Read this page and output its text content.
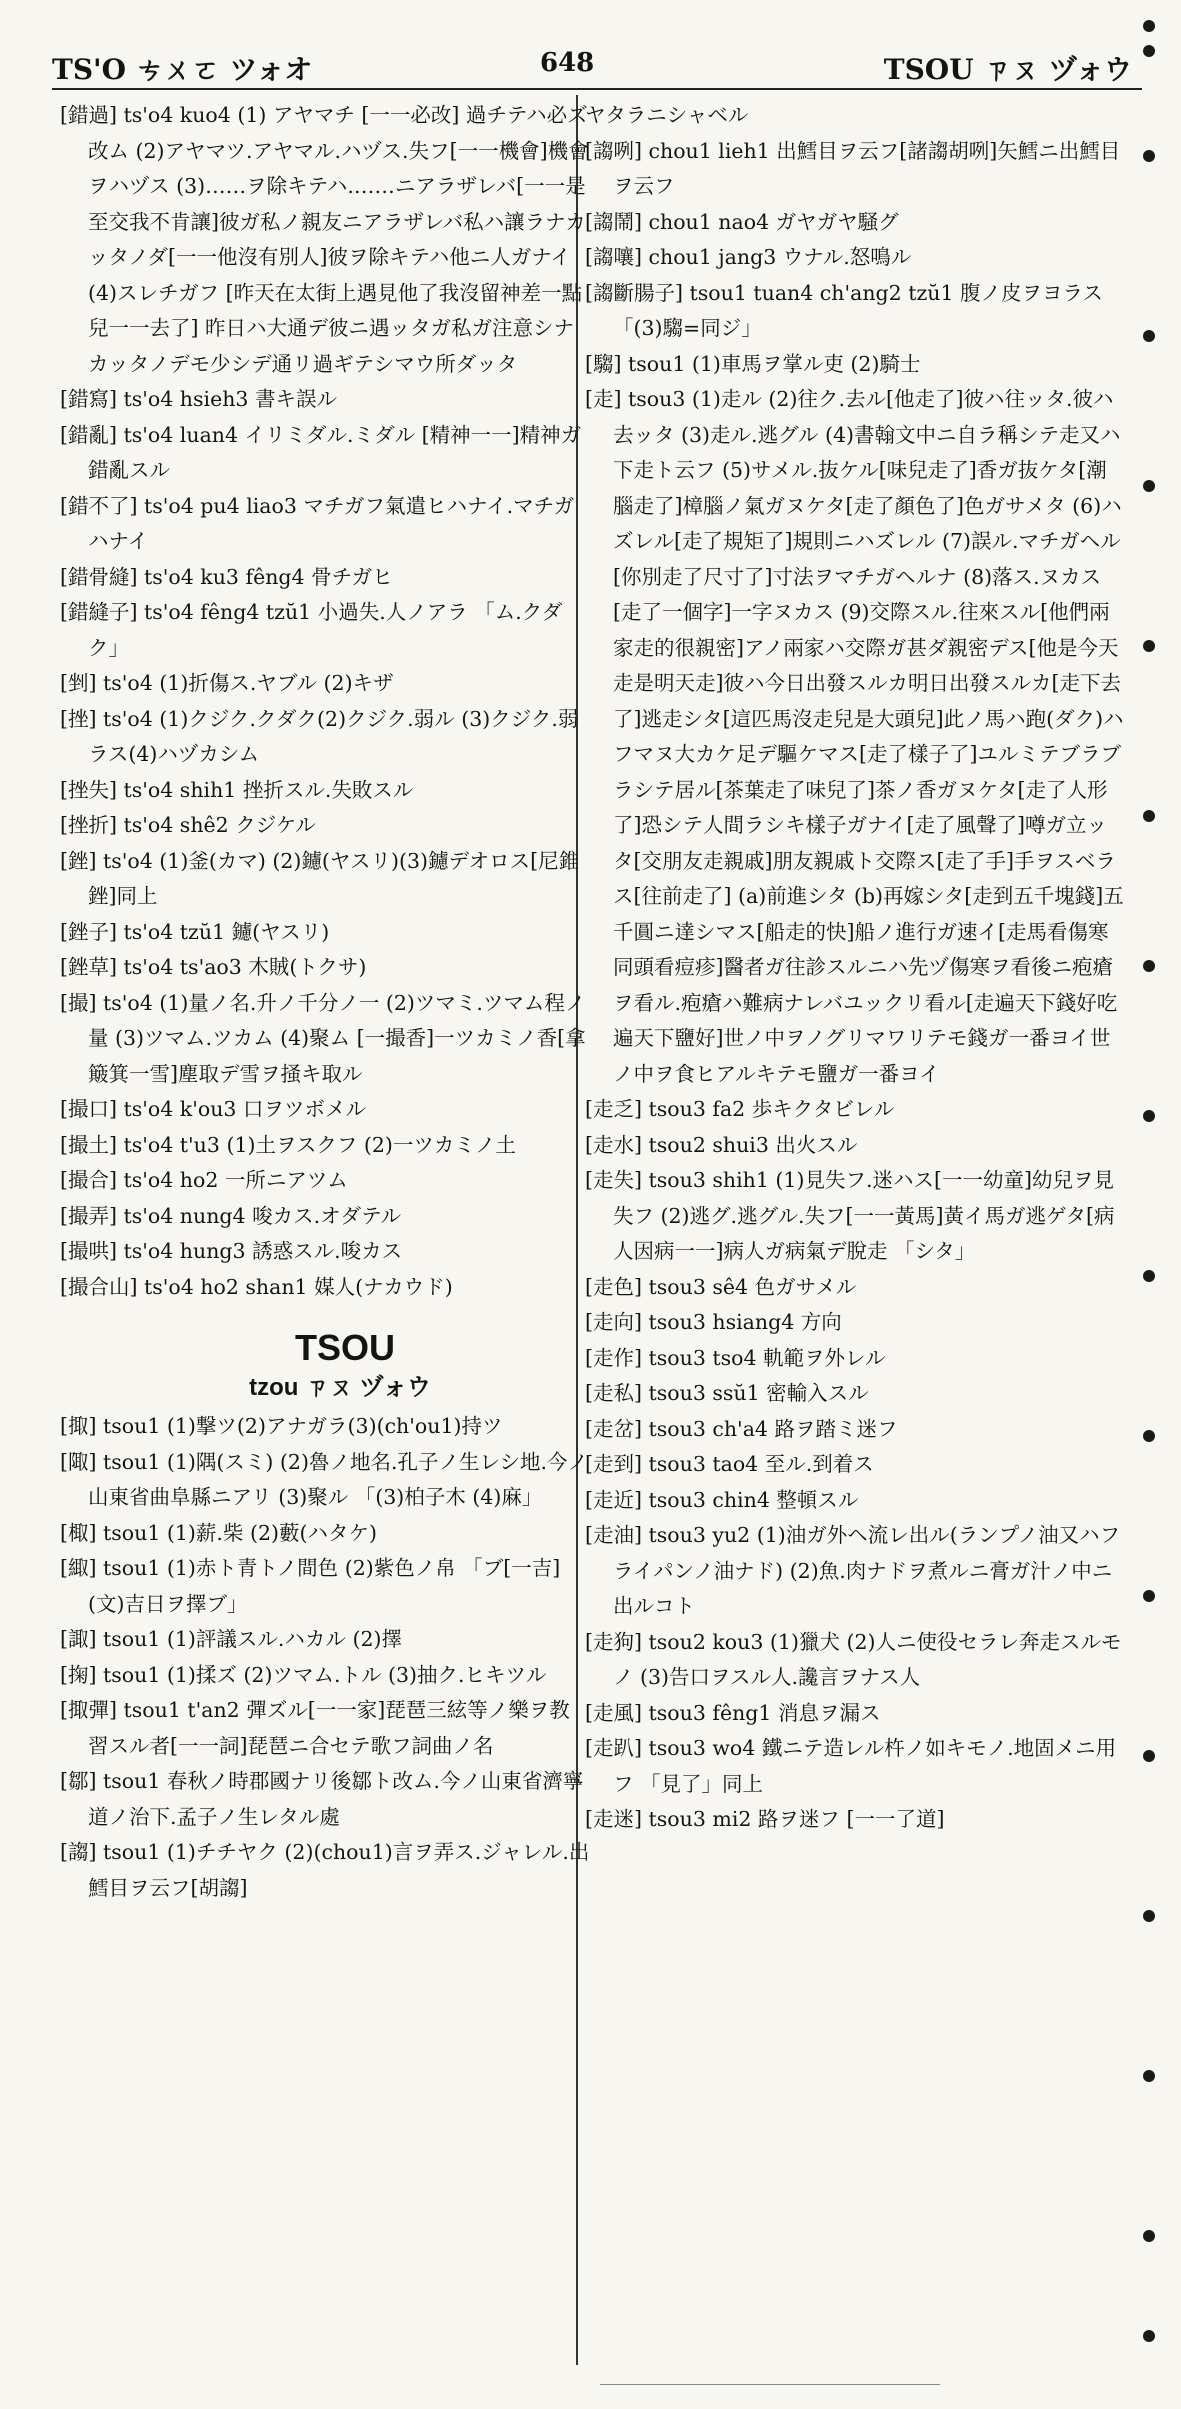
TS'O ㄘㄨㄛ ツォオ	648	TSOU ㄗㄡ ヅォウ
[錯過] ts'o4 kuo4 (1) アヤマチ [一一必改] 過チテハ必ズ改ム (2)アヤマツ.アヤマル.ハヅス.失フ[一一機會]機會ヲハヅス (3)……ヲ除キテハ.……ニアラザレバ[一一是至交我不肯讓]彼ガ私ノ親友ニアラザレバ私ハ讓ラナカッタノダ[一一他沒有別人]彼ヲ除キテハ他ニ人ガナイ (4)スレチガフ [昨天在太街上遇見他了我沒留神差一點兒一一去了] 昨日ハ大通デ彼ニ遇ッタガ私ガ注意シナカッタノデモ少シデ通リ過ギテシマウ所ダッタ
[錯寫] ts'o4 hsieh3 書キ誤ル
[錯亂] ts'o4 luan4 イリミダル.ミダル [精神一一]精神ガ錯亂スル
[錯不了] ts'o4 pu4 liao3 マチガフ氣遣ヒハナイ.マチガハナイ
[錯骨縫] ts'o4 ku3 fêng4 骨チガヒ
[錯縫子] ts'o4 fêng4 tzŭ1 小過失.人ノアラ 「ム.クダク」
[剉] ts'o4 (1)折傷ス.ヤブル (2)キザ
[挫] ts'o4 (1)クジク.クダク(2)クジク.弱ル (3)クジク.弱ラス(4)ハヅカシム
[挫失] ts'o4 shih1 挫折スル.失敗スル
[挫折] ts'o4 shê2 クジケル
[銼] ts'o4 (1)釜(カマ) (2)鑢(ヤスリ)(3)鑢デオロス[尼錐銼]同上
[銼子] ts'o4 tzŭ1 鑢(ヤスリ)
[銼草] ts'o4 ts'ao3 木賊(トクサ)
[撮] ts'o4 (1)量ノ名.升ノ千分ノ一 (2)ツマミ.ツマム程ノ量 (3)ツマム.ツカム (4)聚ム [一撮香]一ツカミノ香[拿簸箕一雪]塵取デ雪ヲ掻キ取ル
[撮口] ts'o4 k'ou3 口ヲツボメル
[撮土] ts'o4 t'u3 (1)土ヲスクフ (2)一ツカミノ土
[撮合] ts'o4 ho2 一所ニアツム
[撮弄] ts'o4 nung4 唆カス.オダテル
[撮哄] ts'o4 hung3 誘惑スル.唆カス
[撮合山] ts'o4 ho2 shan1 媒人(ナカウド)
TSOU
tzou ㄗㄡ ヅォウ
[掫] tsou1 (1)撃ツ(2)アナガラ(3)(ch'ou1)持ツ
[陬] tsou1 (1)隅(スミ) (2)魯ノ地名.孔子ノ生レシ地.今ノ山東省曲阜縣ニアリ (3)聚ル 「(3)柏子木 (4)麻」
[棷] tsou1 (1)薪.柴 (2)藪(ハタケ)
[緅] tsou1 (1)赤ト青トノ間色 (2)紫色ノ帛 「ブ[一吉](文)吉日ヲ擇ブ」
[諏] tsou1 (1)評議スル.ハカル (2)擇
[掬] tsou1 (1)揉ズ (2)ツマム.トル (3)抽ク.ヒキツル
[掫彈] tsou1 t'an2 彈ズル[一一家]琵琶三絃等ノ樂ヲ教習スル者[一一詞]琵琶ニ合セテ歌フ詞曲ノ名
[鄒] tsou1 春秋ノ時郡國ナリ後鄒ト改ム.今ノ山東省濟寧道ノ治下.孟子ノ生レタル處
[謅] tsou1 (1)チチヤク (2)(chou1)言ヲ弄ス.ジャレル.出鱈目ヲ云フ[胡謅]
ヤタラニシャベル
[謅咧] chou1 lieh1 出鱈目ヲ云フ[諸謅胡咧]矢鱈ニ出鱈目ヲ云フ
[謅鬧] chou1 nao4 ガヤガヤ騒グ
[謅嚷] chou1 jang3 ウナル.怒鳴ル
[謅斷腸子] tsou1 tuan4 ch'ang2 tzŭ1 腹ノ皮ヲヨラス 「(3)騶=同ジ」
[騶] tsou1 (1)車馬ヲ掌ル吏 (2)騎士
[走] tsou3 (1)走ル (2)往ク.去ル[他走了]彼ハ往ッタ.彼ハ去ッタ (3)走ル.逃グル (4)書翰文中ニ自ラ稱シテ走又ハ下走ト云フ (5)サメル.抜ケル[味兒走了]香ガ抜ケタ[潮腦走了]樟腦ノ氣ガヌケタ[走了顏色了]色ガサメタ (6)ハズレル[走了規矩了]規則ニハズレル (7)誤ル.マチガヘル[你別走了尺寸了]寸法ヲマチガヘルナ (8)落ス.ヌカス[走了一個字]一字ヌカス (9)交際スル.往來スル[他們兩家走的很親密]アノ兩家ハ交際ガ甚ダ親密デス[他是今天走是明天走]彼ハ今日出發スルカ明日出發スルカ[走下去了]逃走シタ[這匹馬沒走兒是大頭兒]此ノ馬ハ跑(ダク)ハフマヌ大カケ足デ驅ケマス[走了樣子了]ユルミテブラブラシテ居ル[茶葉走了味兒了]茶ノ香ガヌケタ[走了人形了]恐シテ人間ラシキ樣子ガナイ[走了風聲了]噂ガ立ッタ[交朋友走親戚]朋友親戚ト交際ス[走了手]手ヲスベラス[往前走了] (a)前進シタ (b)再嫁シタ[走到五千塊錢]五千圓ニ達シマス[船走的快]船ノ進行ガ速イ[走馬看傷寒同頭看痘疹]醫者ガ往診スルニハ先ヅ傷寒ヲ看後ニ疱瘡ヲ看ル.疱瘡ハ難病ナレバユックリ看ル[走遍天下錢好吃遍天下鹽好]世ノ中ヲノグリマワリテモ錢ガ一番ヨイ世ノ中ヲ食ヒアルキテモ鹽ガ一番ヨイ
[走乏] tsou3 fa2 歩キクタビレル
[走水] tsou2 shui3 出火スル
[走失] tsou3 shih1 (1)見失フ.迷ハス[一一幼童]幼兒ヲ見失フ (2)逃グ.逃グル.失フ[一一黃馬]黃イ馬ガ逃ゲタ[病人因病一一]病人ガ病氣デ脫走 「シタ」
[走色] tsou3 sê4 色ガサメル
[走向] tsou3 hsiang4 方向
[走作] tsou3 tso4 軌範ヲ外レル
[走私] tsou3 ssŭ1 密輸入スル
[走岔] tsou3 ch'a4 路ヲ踏ミ迷フ
[走到] tsou3 tao4 至ル.到着ス
[走近] tsou3 chin4 整頓スル
[走油] tsou3 yu2 (1)油ガ外ヘ流レ出ル(ランプノ油又ハフライパンノ油ナド) (2)魚.肉ナドヲ煮ルニ膏ガ汁ノ中ニ出ルコト
[走狗] tsou2 kou3 (1)獵犬 (2)人ニ使役セラレ奔走スルモノ (3)告口ヲスル人.讒言ヲナス人
[走風] tsou3 fêng1 消息ヲ漏ス
[走趴] tsou3 wo4 鐵ニテ造レル杵ノ如キモノ.地固メニ用フ 「見了」同上
[走迷] tsou3 mi2 路ヲ迷フ [一一了道]
